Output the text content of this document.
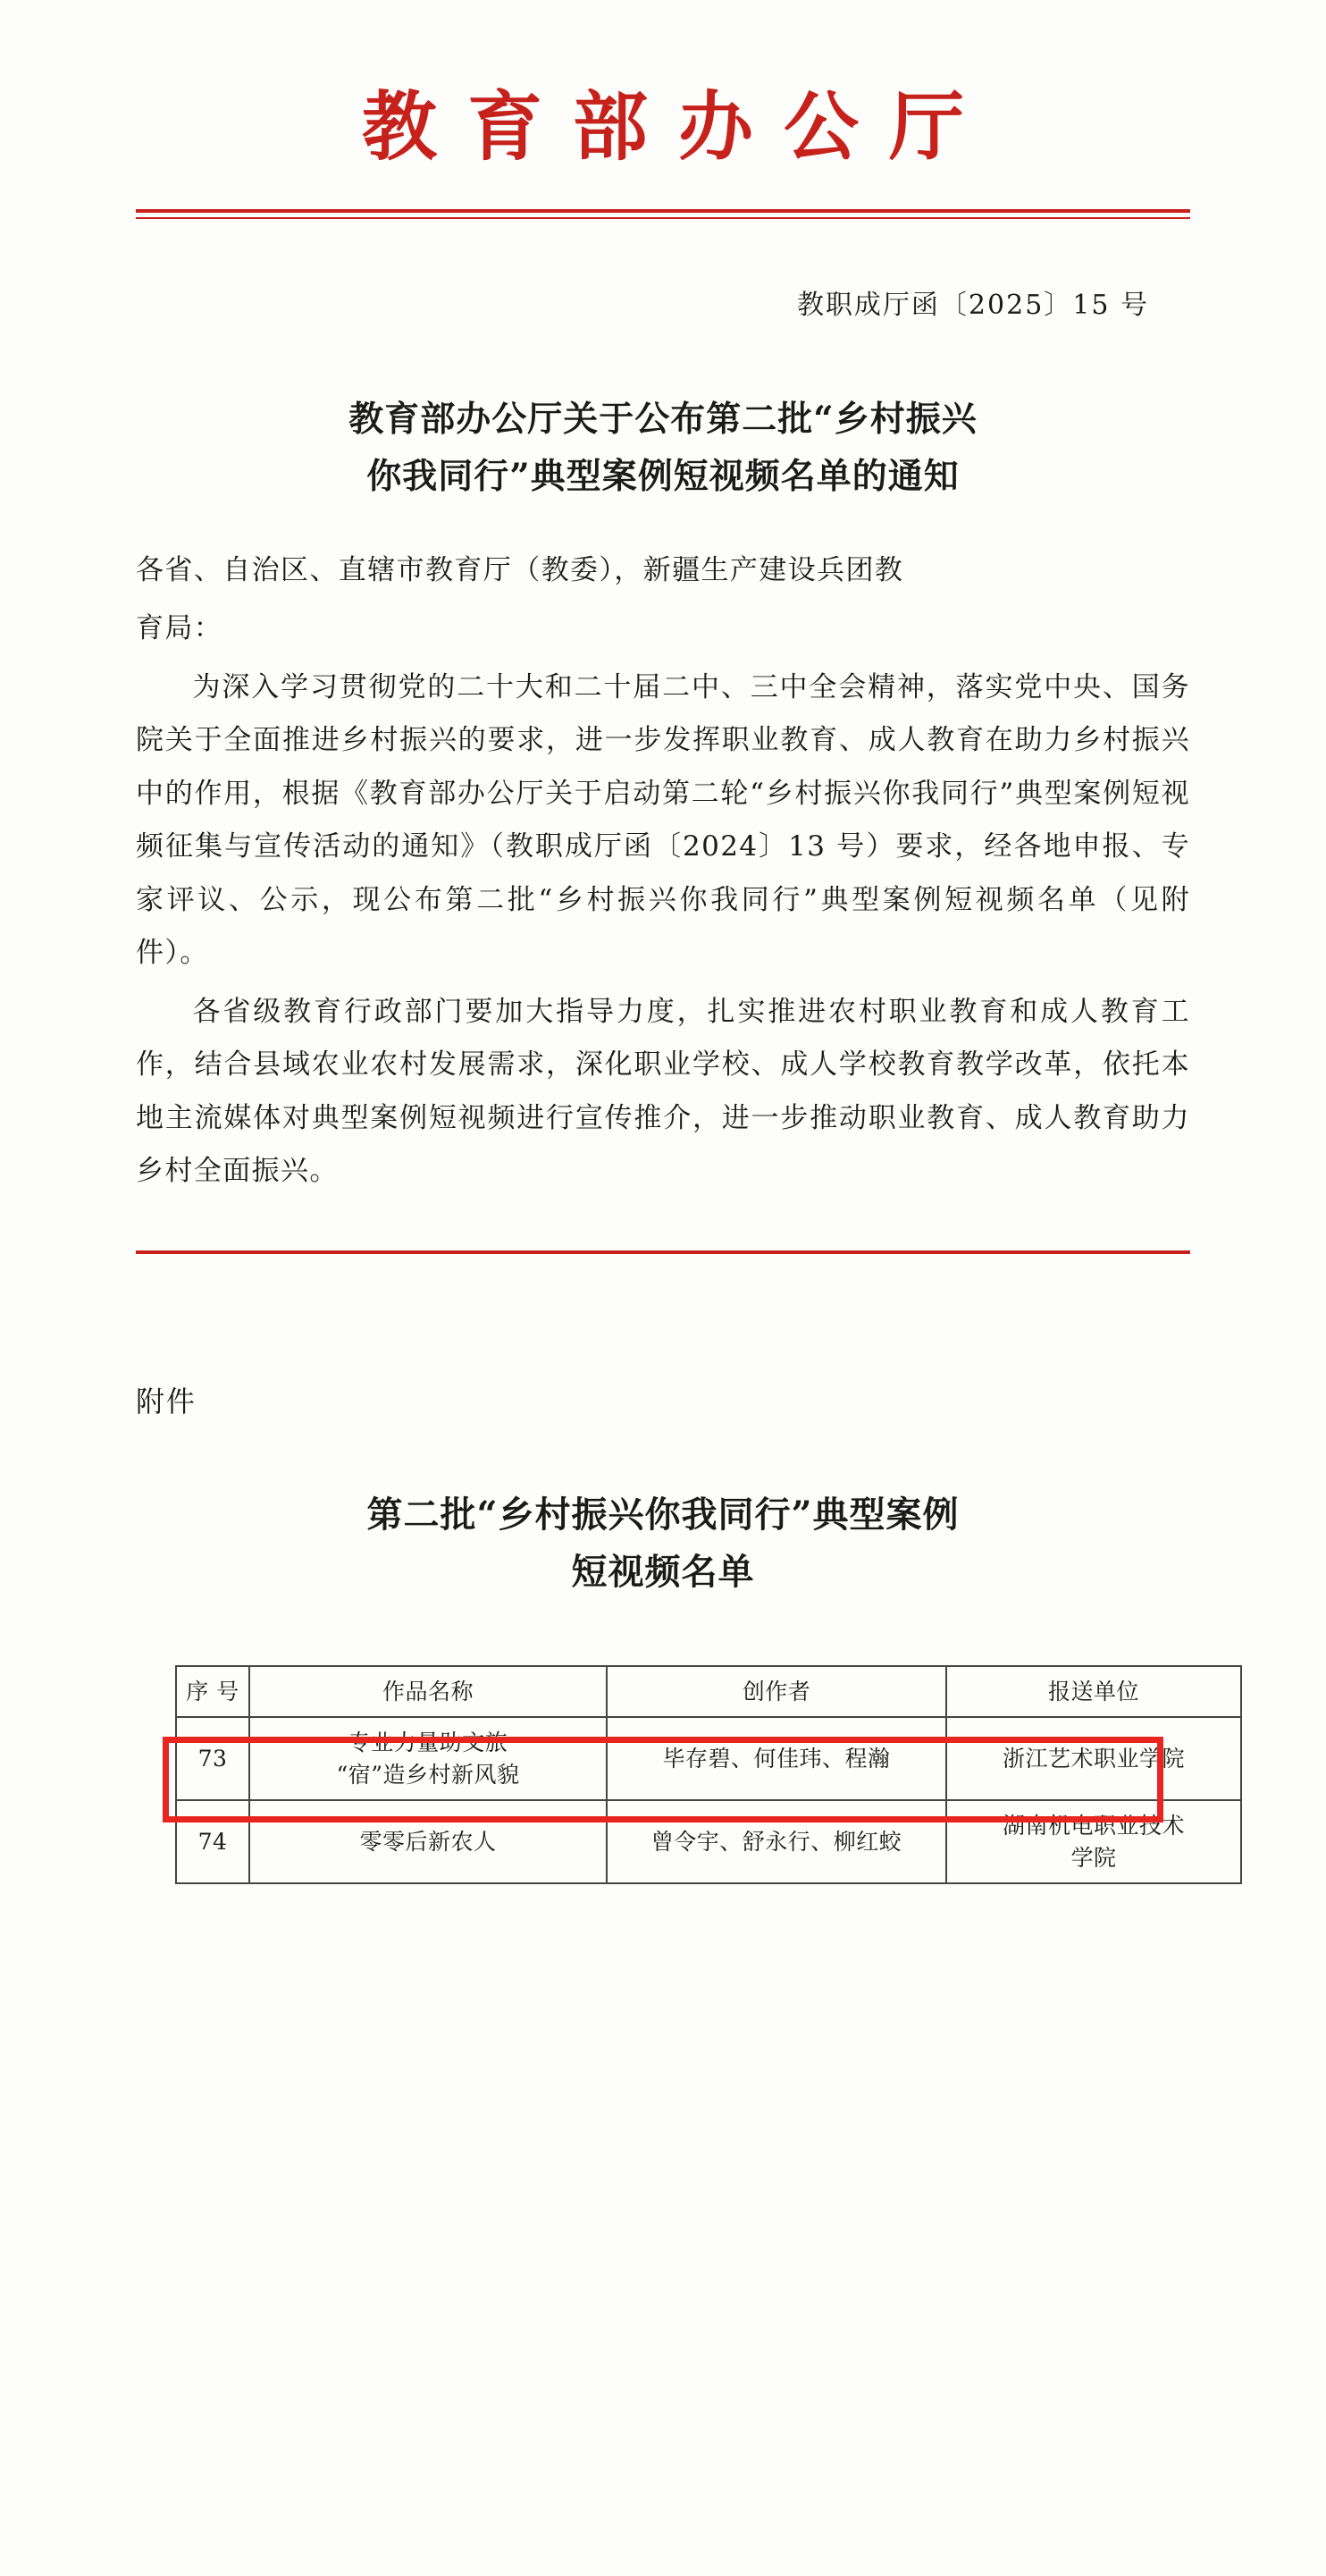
教育部办公厅
教职成厅函〔2025〕15 号
教育部办公厅关于公布第二批“乡村振兴
你我同行”典型案例短视频名单的通知

各省、自治区、直辖市教育厅（教委），新疆生产建设兵团教

育局：

为深入学习贯彻党的二十大和二十届二中、三中全会精神，落实党中央、国务院关于全面推进乡村振兴的要求，进一步发挥职业教育、成人教育在助力乡村振兴中的作用，根据《教育部办公厅关于启动第二轮“乡村振兴你我同行”典型案例短视频征集与宣传活动的通知》（教职成厅函〔2024〕13 号）要求，经各地申报、专家评议、公示，现公布第二批“乡村振兴你我同行”典型案例短视频名单（见附件）。

各省级教育行政部门要加大指导力度，扎实推进农村职业教育和成人教育工作，结合县域农业农村发展需求，深化职业学校、成人学校教育教学改革，依托本地主流媒体对典型案例短视频进行宣传推介，进一步推动职业教育、成人教育助力乡村全面振兴。

附件
第二批“乡村振兴你我同行”典型案例
短视频名单
序 号	作品名称	创作者	报送单位
73	专业力量助文旅
“宿”造乡村新风貌	毕存碧、何佳玮、程瀚	浙江艺术职业学院

74	零零后新农人	曾令宇、舒永行、柳红蛟	湖南机电职业技术
学院
